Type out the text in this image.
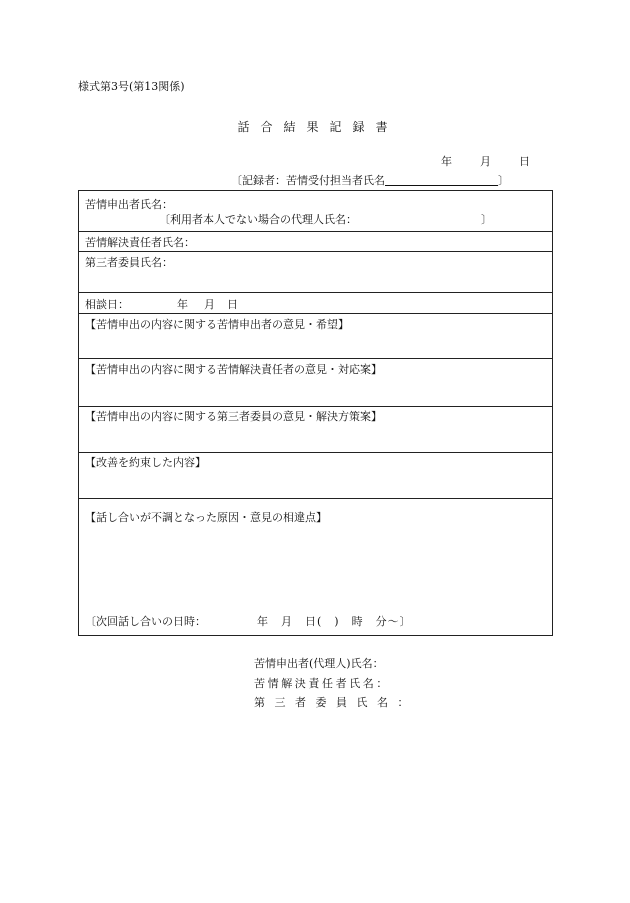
様式第3号(第13関係)
話合結果記録書
年	月	日
〔記録者：苦情受付担当者氏名	〕
苦情申出者氏名：
〔利用者本人でない場合の代理人氏名：	〕
苦情解決責任者氏名：
第三者委員氏名：
相談日：	年 月 日
【苦情申出の内容に関する苦情申出者の意見・希望】
【苦情申出の内容に関する苦情解決責任者の意見・対応案】
【苦情申出の内容に関する第三者委員の意見・解決方策案】
【改善を約束した内容】
【話し合いが不調となった原因・意見の相違点】
〔次回話し合いの日時：	年　月　日(　)　時　分～〕
苦情申出者(代理人)氏名：
苦情解決責任者氏名：
第三者委員氏名：
